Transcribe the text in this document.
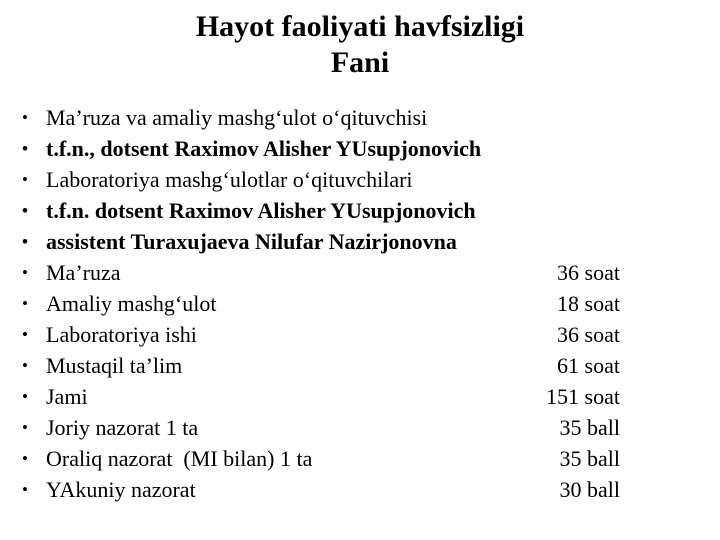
Hayot faoliyati havfsizligi
Fani
• Ma’ruza va amaliy mashg‘ulot o‘qituvchisi
• t.f.n., dotsent Raximov Alisher YUsupjonovich
• Laboratoriya mashg‘ulotlar o‘qituvchilari
• t.f.n. dotsent Raximov Alisher YUsupjonovich
• assistent Turaxujaeva Nilufar Nazirjonovna
• Ma’ruza	36 soat
• Amaliy mashg‘ulot	18 soat
• Laboratoriya ishi	36 soat
• Mustaqil ta’lim	61 soat
• Jami	151 soat
• Joriy nazorat 1 ta	35 ball
• Oraliq nazorat  (MI bilan) 1 ta	35 ball
• YAkuniy nazorat	30 ball
